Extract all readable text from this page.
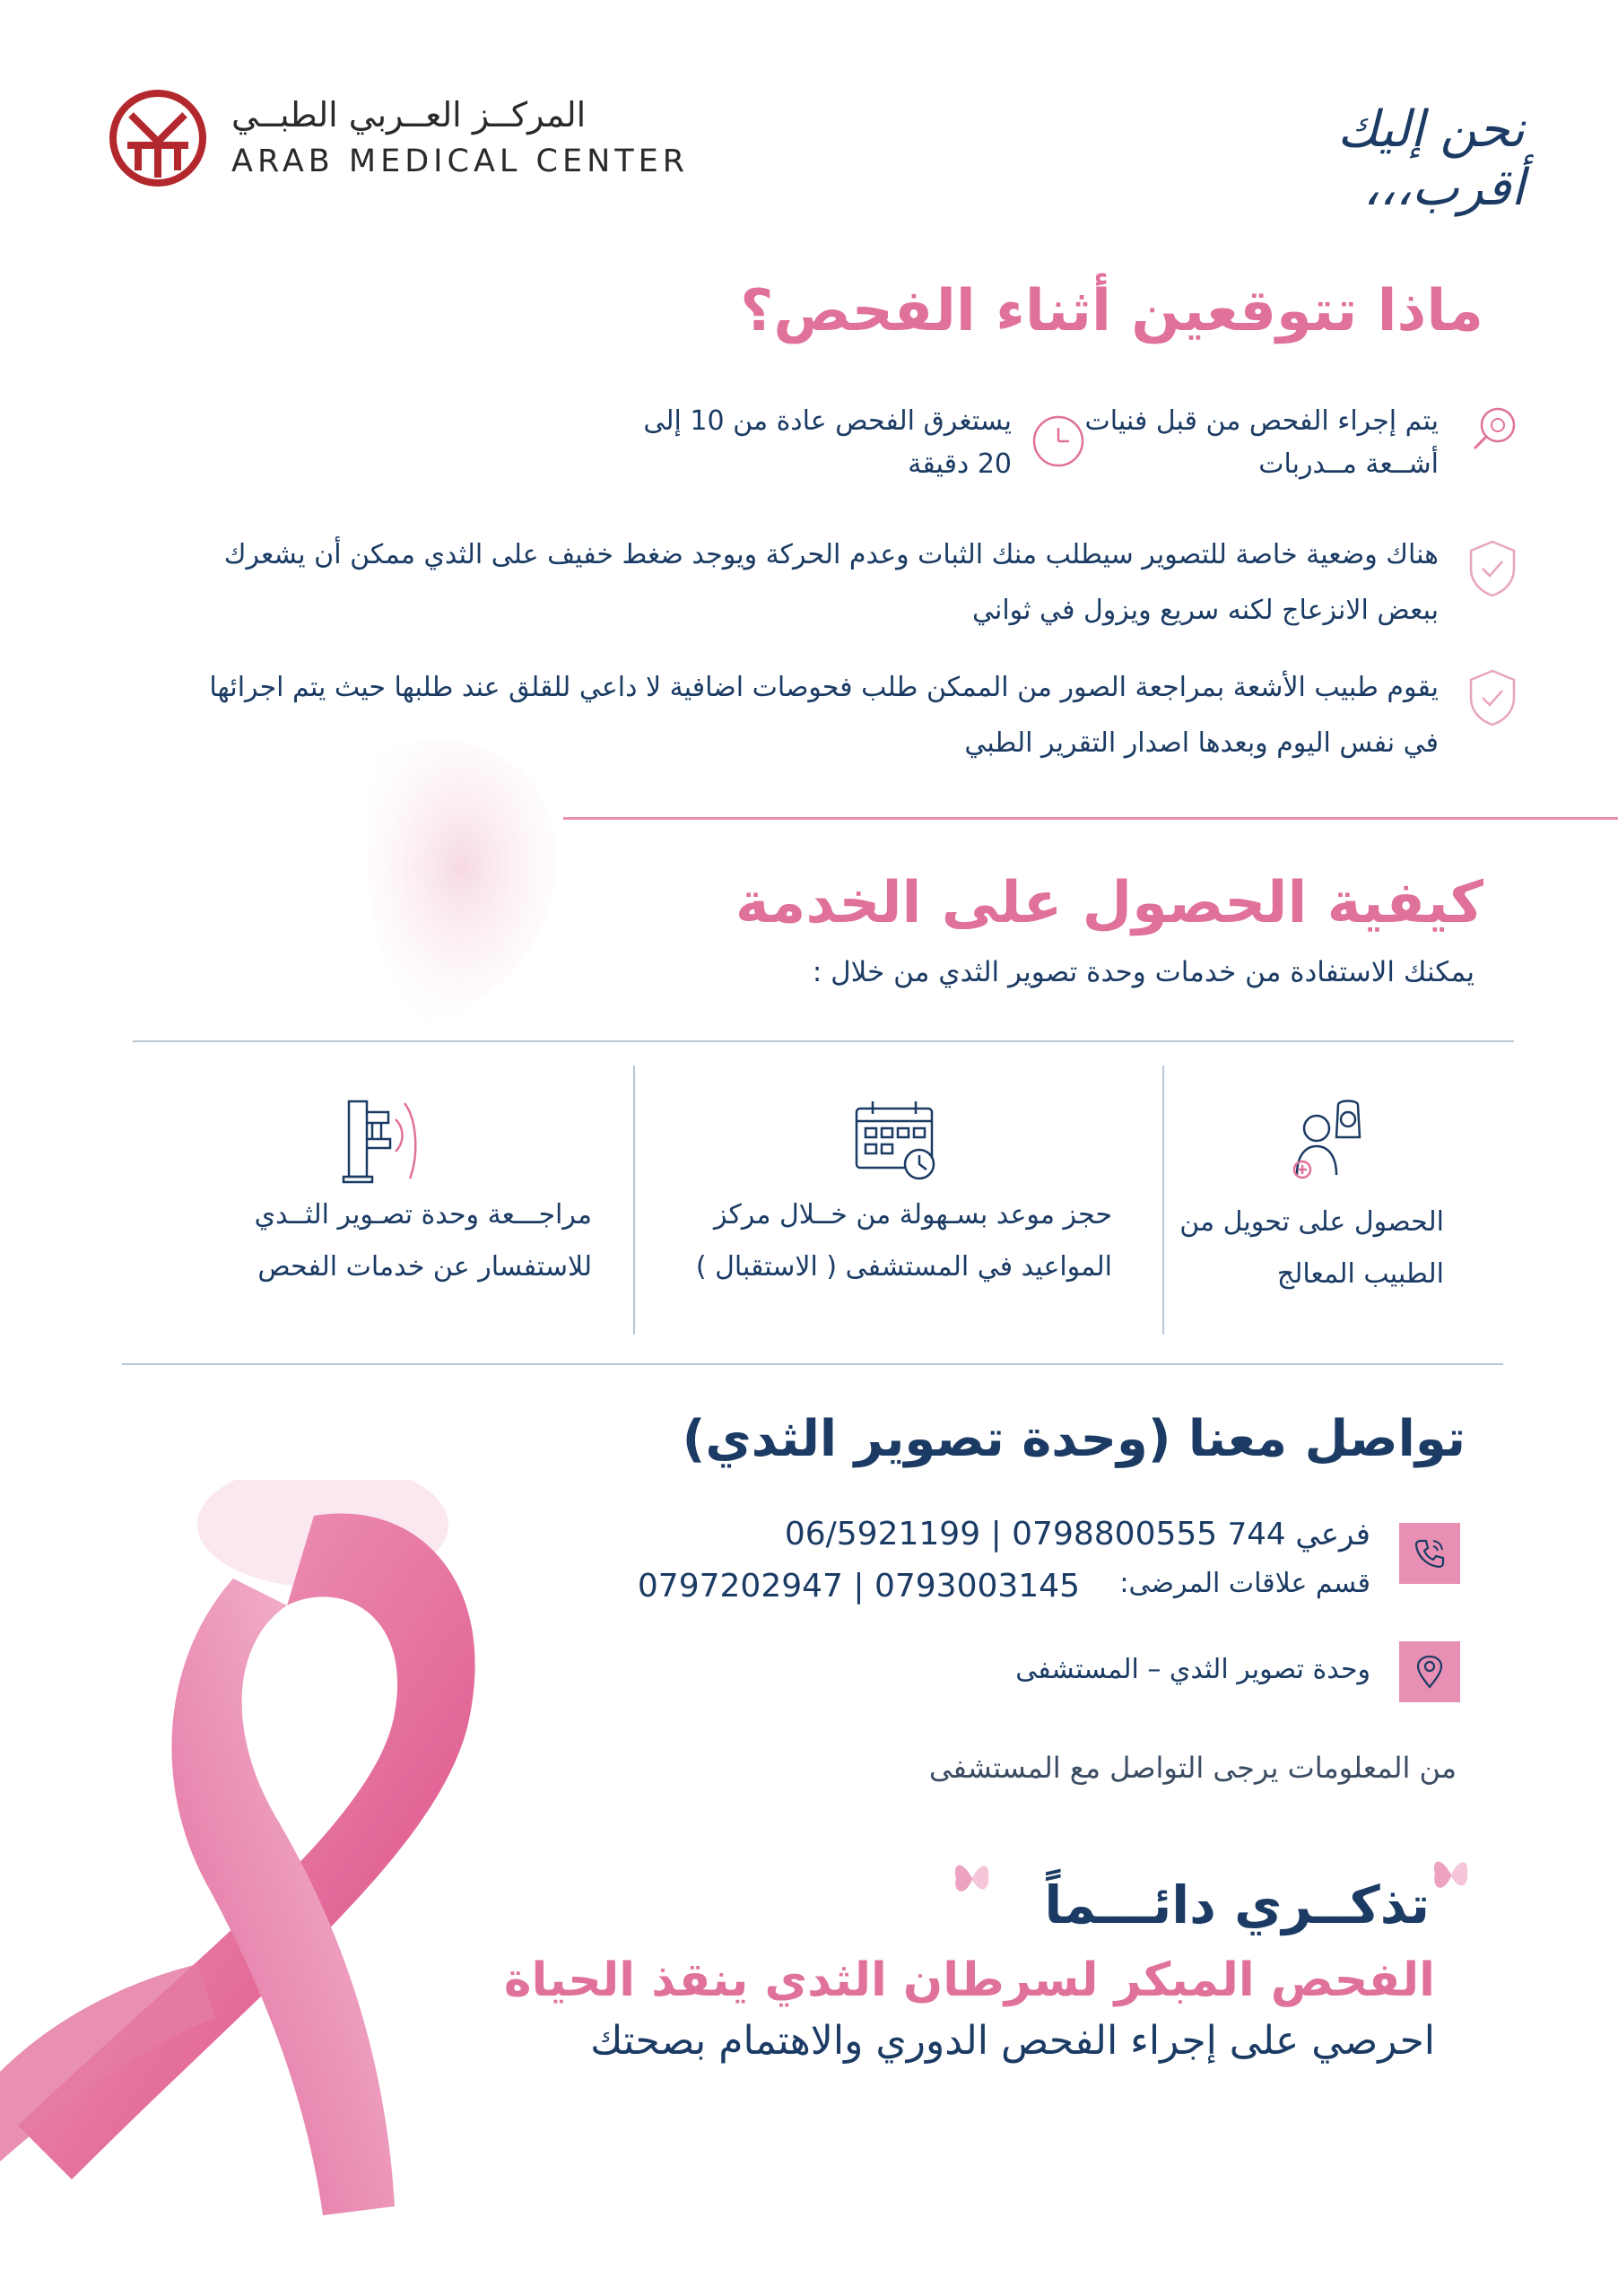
المركــز العــربي الطبــي
ARAB MEDICAL CENTER
نحن إليك أقرب،،،
ماذا تتوقعين أثناء الفحص؟
يتم إجراء الفحص من قبل فنيات أشــعة مــدربات
يستغرق الفحص عادة من 10 إلى 20 دقيقة
هناك وضعية خاصة للتصوير سيطلب منك الثبات وعدم الحركة ويوجد ضغط خفيف على الثدي ممكن أن يشعرك ببعض الانزعاج لكنه سريع ويزول في ثواني
يقوم طبيب الأشعة بمراجعة الصور من الممكن طلب فحوصات اضافية لا داعي للقلق عند طلبها حيث يتم اجرائها في نفس اليوم وبعدها اصدار التقرير الطبي
كيفية الحصول على الخدمة
يمكنك الاستفادة من خدمات وحدة تصوير الثدي من خلال :
الحصول على تحويل من الطبيب المعالج
حجز موعد بسـهولة من خــلال مركز المواعيد في المستشفى ( الاستقبال )
مراجـــعة وحدة تصـوير الثــدي للاستفسار عن خدمات الفحص
تواصل معنا (وحدة تصوير الثدي)
فرعي 744 0798800555 | 06/5921199
قسم علاقات المرضى:
0797202947 | 0793003145
وحدة تصوير الثدي – المستشفى
من المعلومات يرجى التواصل مع المستشفى
تذكــري دائـــماً
الفحص المبكر لسرطان الثدي ينقذ الحياة
احرصي على إجراء الفحص الدوري والاهتمام بصحتك
